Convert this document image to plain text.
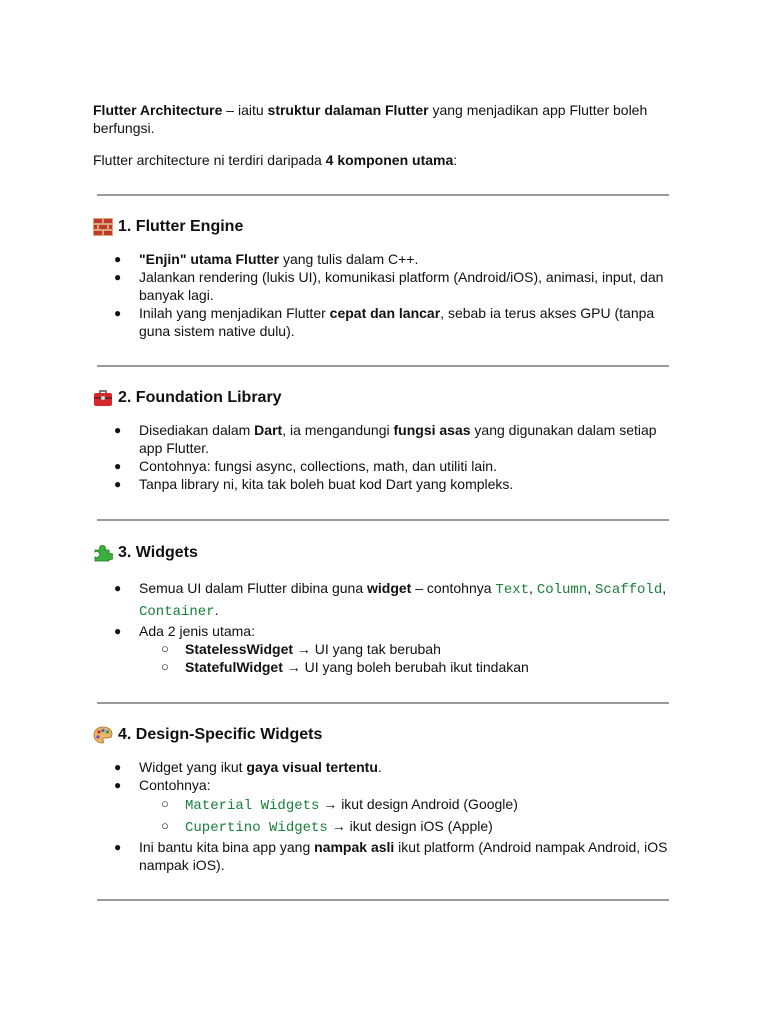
Flutter Architecture – iaitu struktur dalaman Flutter yang menjadikan app Flutter boleh berfungsi.

Flutter architecture ni terdiri daripada 4 komponen utama:

1. Flutter Engine
● "Enjin" utama Flutter yang tulis dalam C++.
● Jalankan rendering (lukis UI), komunikasi platform (Android/iOS), animasi, input, dan banyak lagi.
● Inilah yang menjadikan Flutter cepat dan lancar, sebab ia terus akses GPU (tanpa guna sistem native dulu).
2. Foundation Library
● Disediakan dalam Dart, ia mengandungi fungsi asas yang digunakan dalam setiap app Flutter.
● Contohnya: fungsi async, collections, math, dan utiliti lain.
● Tanpa library ni, kita tak boleh buat kod Dart yang kompleks.
3. Widgets
● Semua UI dalam Flutter dibina guna widget – contohnya Text, Column, Scaffold, Container.
● Ada 2 jenis utama:
○ StatelessWidget → UI yang tak berubah
○ StatefulWidget → UI yang boleh berubah ikut tindakan
4. Design-Specific Widgets
● Widget yang ikut gaya visual tertentu.
● Contohnya:
○ Material Widgets → ikut design Android (Google)
○ Cupertino Widgets → ikut design iOS (Apple)
● Ini bantu kita bina app yang nampak asli ikut platform (Android nampak Android, iOS nampak iOS).
